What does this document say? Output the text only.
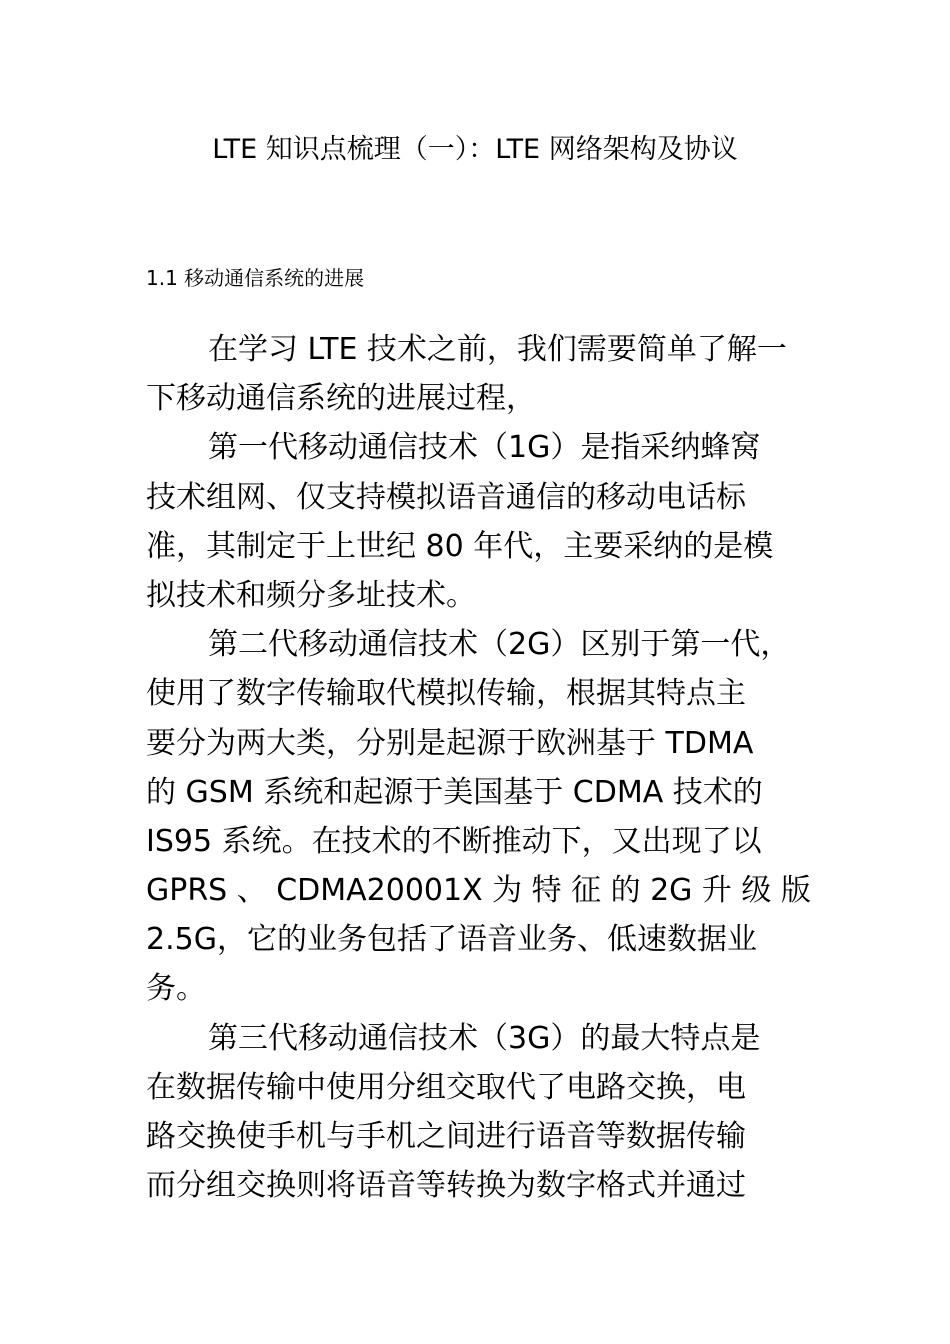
LTE 知识点梳理（一）：LTE 网络架构及协议
1.1 移动通信系统的进展
在学习 LTE 技术之前，我们需要简单了解一
下移动通信系统的进展过程，
第一代移动通信技术（1G）是指采纳蜂窝
技术组网、仅支持模拟语音通信的移动电话标
准，其制定于上世纪 80 年代，主要采纳的是模
拟技术和频分多址技术。
第二代移动通信技术（2G）区别于第一代，
使用了数字传输取代模拟传输，根据其特点主
要分为两大类，分别是起源于欧洲基于 TDMA
的 GSM 系统和起源于美国基于 CDMA 技术的
IS95 系统。在技术的不断推动下，又出现了以
GPRS 、 CDMA20001X 为 特 征 的 2G 升 级 版
2.5G，它的业务包括了语音业务、低速数据业
务。
第三代移动通信技术（3G）的最大特点是
在数据传输中使用分组交取代了电路交换，电
路交换使手机与手机之间进行语音等数据传输
而分组交换则将语音等转换为数字格式并通过
